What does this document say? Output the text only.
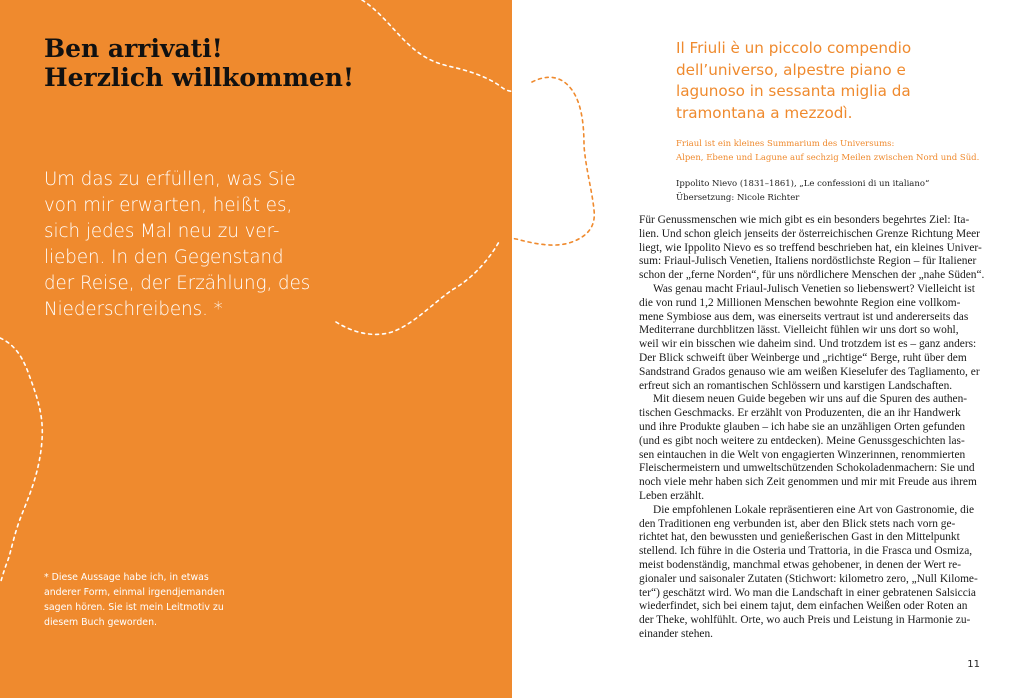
Ben arrivati!
Herzlich willkommen!
Um das zu erfüllen, was Sie
von mir erwarten, heißt es,
sich jedes Mal neu zu ver-
lieben. In den Gegenstand
der Reise, der Erzählung, des
Niederschreibens. *
* Diese Aussage habe ich, in etwas
anderer Form, einmal irgendjemanden
sagen hören. Sie ist mein Leitmotiv zu
diesem Buch geworden.
Il Friuli è un piccolo compendio
dell’universo, alpestre piano e
lagunoso in sessanta miglia da
tramontana a mezzodì.
Friaul ist ein kleines Summarium des Universums:
Alpen, Ebene und Lagune auf sechzig Meilen zwischen Nord und Süd.
Ippolito Nievo (1831–1861), „Le confessioni di un italiano“
Übersetzung: Nicole Richter
Für Genussmenschen wie mich gibt es ein besonders begehrtes Ziel: Ita-
lien. Und schon gleich jenseits der österreichischen Grenze Richtung Meer
liegt, wie Ippolito Nievo es so treffend beschrieben hat, ein kleines Univer-
sum: Friaul-Julisch Venetien, Italiens nordöstlichste Region – für Italiener
schon der „ferne Norden“, für uns nördlichere Menschen der „nahe Süden“.
Was genau macht Friaul-Julisch Venetien so liebenswert? Vielleicht ist
die von rund 1,2 Millionen Menschen bewohnte Region eine vollkom-
mene Symbiose aus dem, was einerseits vertraut ist und andererseits das
Mediterrane durchblitzen lässt. Vielleicht fühlen wir uns dort so wohl,
weil wir ein bisschen wie daheim sind. Und trotzdem ist es – ganz anders:
Der Blick schweift über Weinberge und „richtige“ Berge, ruht über dem
Sandstrand Grados genauso wie am weißen Kieselufer des Tagliamento, er
erfreut sich an romantischen Schlössern und karstigen Landschaften.
Mit diesem neuen Guide begeben wir uns auf die Spuren des authen-
tischen Geschmacks. Er erzählt von Produzenten, die an ihr Handwerk
und ihre Produkte glauben – ich habe sie an unzähligen Orten gefunden
(und es gibt noch weitere zu entdecken). Meine Genussgeschichten las-
sen eintauchen in die Welt von engagierten Winzerinnen, renommierten
Fleischermeistern und umweltschützenden Schokoladenmachern: Sie und
noch viele mehr haben sich Zeit genommen und mir mit Freude aus ihrem
Leben erzählt.
Die empfohlenen Lokale repräsentieren eine Art von Gastronomie, die
den Traditionen eng verbunden ist, aber den Blick stets nach vorn ge-
richtet hat, den bewussten und genießerischen Gast in den Mittelpunkt
stellend. Ich führe in die Osteria und Trattoria, in die Frasca und Osmiza,
meist bodenständig, manchmal etwas gehobener, in denen der Wert re-
gionaler und saisonaler Zutaten (Stichwort: kilometro zero, „Null Kilome-
ter“) geschätzt wird. Wo man die Landschaft in einer gebratenen Salsiccia
wiederfindet, sich bei einem tajut, dem einfachen Weißen oder Roten an
der Theke, wohlfühlt. Orte, wo auch Preis und Leistung in Harmonie zu-
einander stehen.
11
